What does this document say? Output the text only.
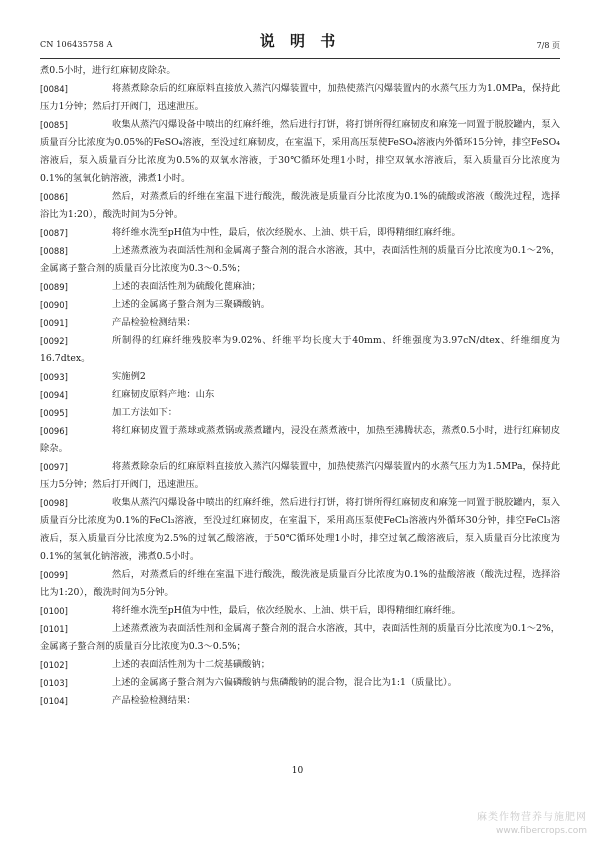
CN 106435758 A	说 明 书	7/8 页
煮0.5小时，进行红麻韧皮除杂。
[0084]	将蒸煮除杂后的红麻原料直接放入蒸汽闪爆装置中，加热使蒸汽闪爆装置内的水蒸气压力为1.0MPa，保持此压力1分钟；然后打开阀门，迅速泄压。
[0085]	收集从蒸汽闪爆设备中喷出的红麻纤维，然后进行打饼，将打饼所得红麻韧皮和麻笼一同置于脱胶罐内，泵入质量百分比浓度为0.05%的FeSO₄溶液，至没过红麻韧皮，在室温下，采用高压泵使FeSO₄溶液内外循环15分钟，排空FeSO₄溶液后，泵入质量百分比浓度为0.5%的双氧水溶液，于30℃循环处理1小时，排空双氧水溶液后，泵入质量百分比浓度为0.1%的氢氧化钠溶液，沸煮1小时。
[0086]	然后，对蒸煮后的纤维在室温下进行酸洗，酸洗液是质量百分比浓度为0.1%的硫酸或溶液（酸洗过程，选择浴比为1:20），酸洗时间为5分钟。
[0087]	将纤维水洗至pH值为中性，最后，依次经脱水、上油、烘干后，即得精细红麻纤维。
[0088]	上述蒸煮液为表面活性剂和金属离子螯合剂的混合水溶液，其中，表面活性剂的质量百分比浓度为0.1～2%，金属离子螯合剂的质量百分比浓度为0.3～0.5%；
[0089]	上述的表面活性剂为硫酸化蓖麻油；
[0090]	上述的金属离子螯合剂为三聚磷酸钠。
[0091]	产品检验检测结果：
[0092]	所制得的红麻纤维残胶率为9.02%、纤维平均长度大于40mm、纤维强度为3.97cN/dtex、纤维细度为16.7dtex。
[0093]	实施例2
[0094]	红麻韧皮原料产地：山东
[0095]	加工方法如下：
[0096]	将红麻韧皮置于蒸球或蒸煮锅或蒸煮罐内，浸没在蒸煮液中，加热至沸腾状态，蒸煮0.5小时，进行红麻韧皮除杂。
[0097]	将蒸煮除杂后的红麻原料直接放入蒸汽闪爆装置中，加热使蒸汽闪爆装置内的水蒸气压力为1.5MPa，保持此压力5分钟；然后打开阀门，迅速泄压。
[0098]	收集从蒸汽闪爆设备中喷出的红麻纤维，然后进行打饼，将打饼所得红麻韧皮和麻笼一同置于脱胶罐内，泵入质量百分比浓度为0.1%的FeCl₃溶液，至没过红麻韧皮，在室温下，采用高压泵使FeCl₃溶液内外循环30分钟，排空FeCl₃溶液后，泵入质量百分比浓度为2.5%的过氧乙酸溶液，于50℃循环处理1小时，排空过氧乙酸溶液后，泵入质量百分比浓度为0.1%的氢氧化钠溶液，沸煮0.5小时。
[0099]	然后，对蒸煮后的纤维在室温下进行酸洗，酸洗液是质量百分比浓度为0.1%的盐酸溶液（酸洗过程，选择浴比为1:20），酸洗时间为5分钟。
[0100]	将纤维水洗至pH值为中性，最后，依次经脱水、上油、烘干后，即得精细红麻纤维。
[0101]	上述蒸煮液为表面活性剂和金属离子螯合剂的混合水溶液，其中，表面活性剂的质量百分比浓度为0.1～2%，金属离子螯合剂的质量百分比浓度为0.3～0.5%；
[0102]	上述的表面活性剂为十二烷基磺酸钠；
[0103]	上述的金属离子螯合剂为六偏磷酸钠与焦磷酸钠的混合物，混合比为1:1（质量比）。
[0104]	产品检验检测结果：
10
麻类作物营养与施肥网
www.fibercrops.com
